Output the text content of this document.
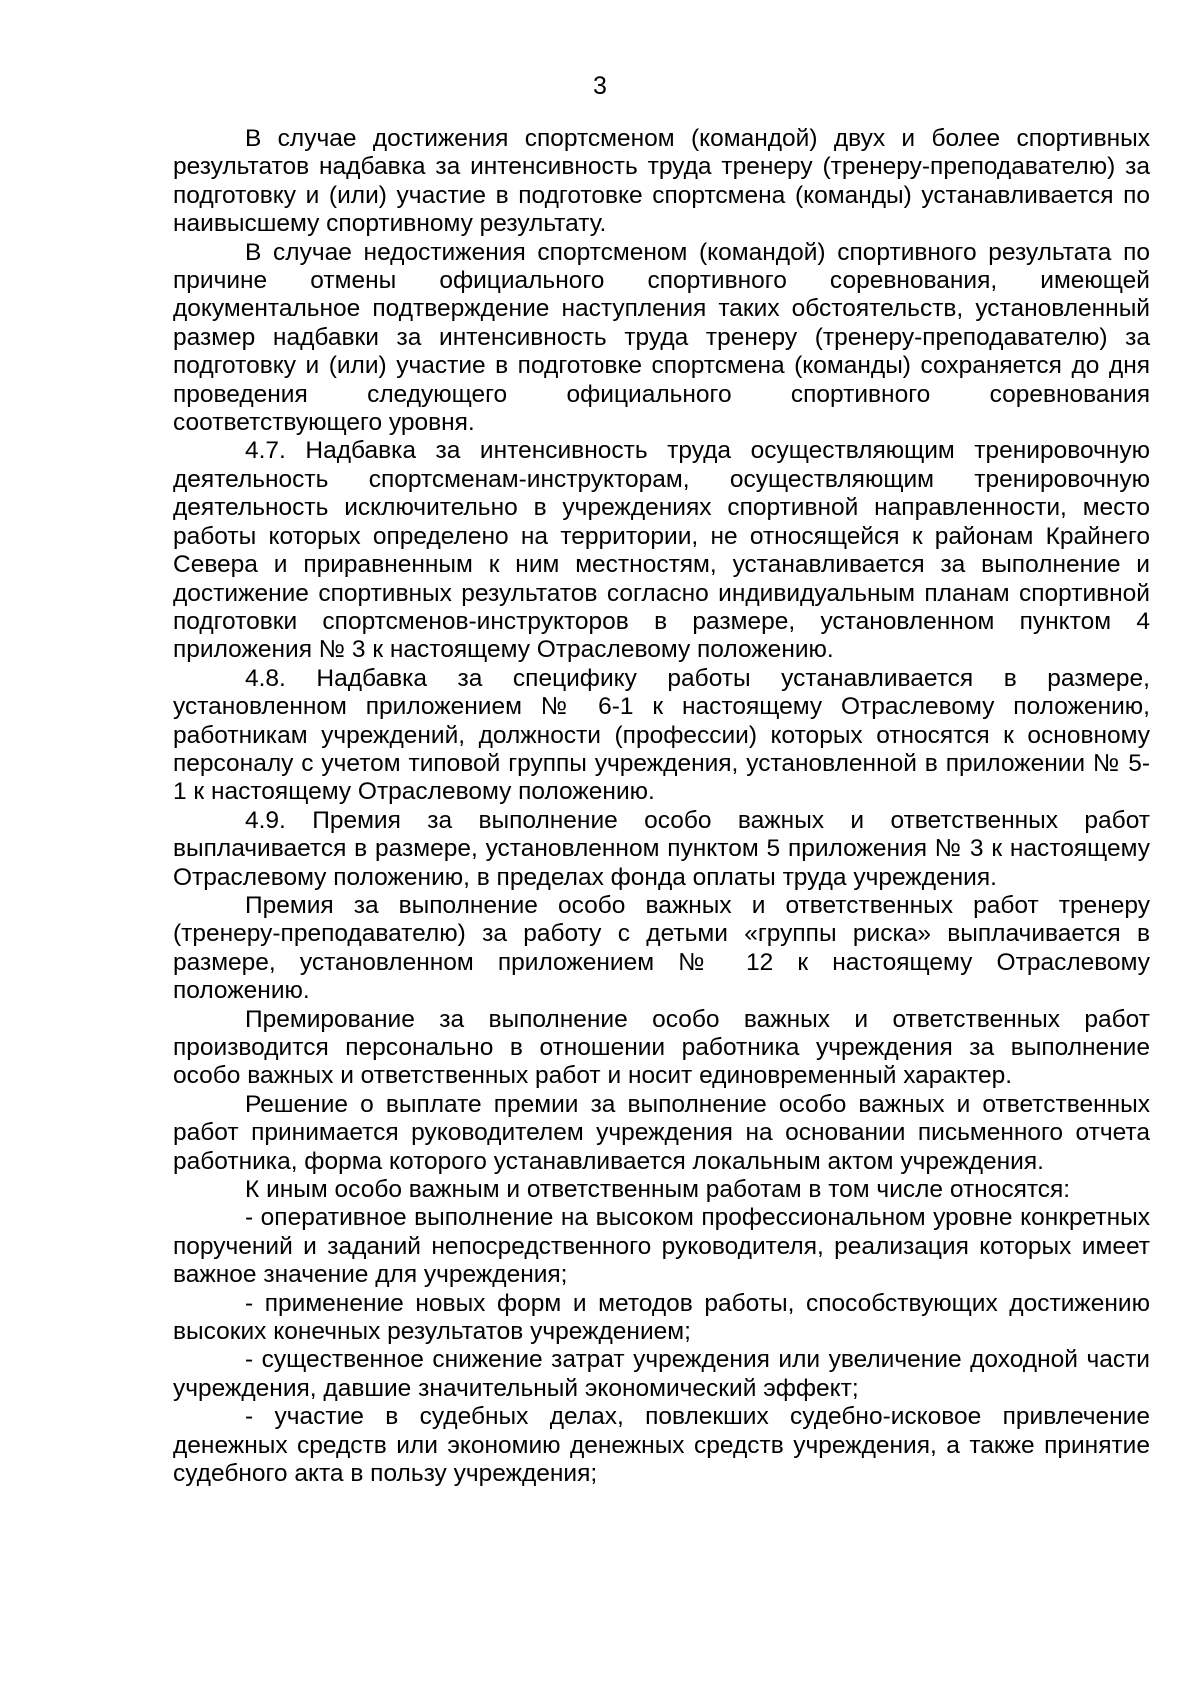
3

В случае достижения спортсменом (командой) двух и более спортивных результатов надбавка за интенсивность труда тренеру (тренеру-преподавателю) за подготовку и (или) участие в подготовке спортсмена (команды) устанавливается по наивысшему спортивному результату.

В случае недостижения спортсменом (командой) спортивного результата по причине отмены официального спортивного соревнования, имеющей документальное подтверждение наступления таких обстоятельств, установленный размер надбавки за интенсивность труда тренеру (тренеру-преподавателю) за подготовку и (или) участие в подготовке спортсмена (команды) сохраняется до дня проведения следующего официального спортивного соревнования соответствующего уровня.

4.7. Надбавка за интенсивность труда осуществляющим тренировочную деятельность спортсменам-инструкторам, осуществляющим тренировочную деятельность исключительно в учреждениях спортивной направленности, место работы которых определено на территории, не относящейся к районам Крайнего Севера и приравненным к ним местностям, устанавливается за выполнение и достижение спортивных результатов согласно индивидуальным планам спортивной подготовки спортсменов-инструкторов в размере, установленном пунктом 4 приложения № 3 к настоящему Отраслевому положению.

4.8. Надбавка за специфику работы устанавливается в размере, установленном приложением № 6-1 к настоящему Отраслевому положению, работникам учреждений, должности (профессии) которых относятся к основному персоналу с учетом типовой группы учреждения, установленной в приложении № 5-1 к настоящему Отраслевому положению.

4.9. Премия за выполнение особо важных и ответственных работ выплачивается в размере, установленном пунктом 5 приложения № 3 к настоящему Отраслевому положению, в пределах фонда оплаты труда учреждения.

Премия за выполнение особо важных и ответственных работ тренеру (тренеру-преподавателю) за работу с детьми «группы риска» выплачивается в размере, установленном приложением № 12 к настоящему Отраслевому положению.

Премирование за выполнение особо важных и ответственных работ производится персонально в отношении работника учреждения за выполнение особо важных и ответственных работ и носит единовременный характер.

Решение о выплате премии за выполнение особо важных и ответственных работ принимается руководителем учреждения на основании письменного отчета работника, форма которого устанавливается локальным актом учреждения.

К иным особо важным и ответственным работам в том числе относятся:

- оперативное выполнение на высоком профессиональном уровне конкретных поручений и заданий непосредственного руководителя, реализация которых имеет важное значение для учреждения;

- применение новых форм и методов работы, способствующих достижению высоких конечных результатов учреждением;

- существенное снижение затрат учреждения или увеличение доходной части учреждения, давшие значительный экономический эффект;

- участие в судебных делах, повлекших судебно-исковое привлечение денежных средств или экономию денежных средств учреждения, а также принятие судебного акта в пользу учреждения;
